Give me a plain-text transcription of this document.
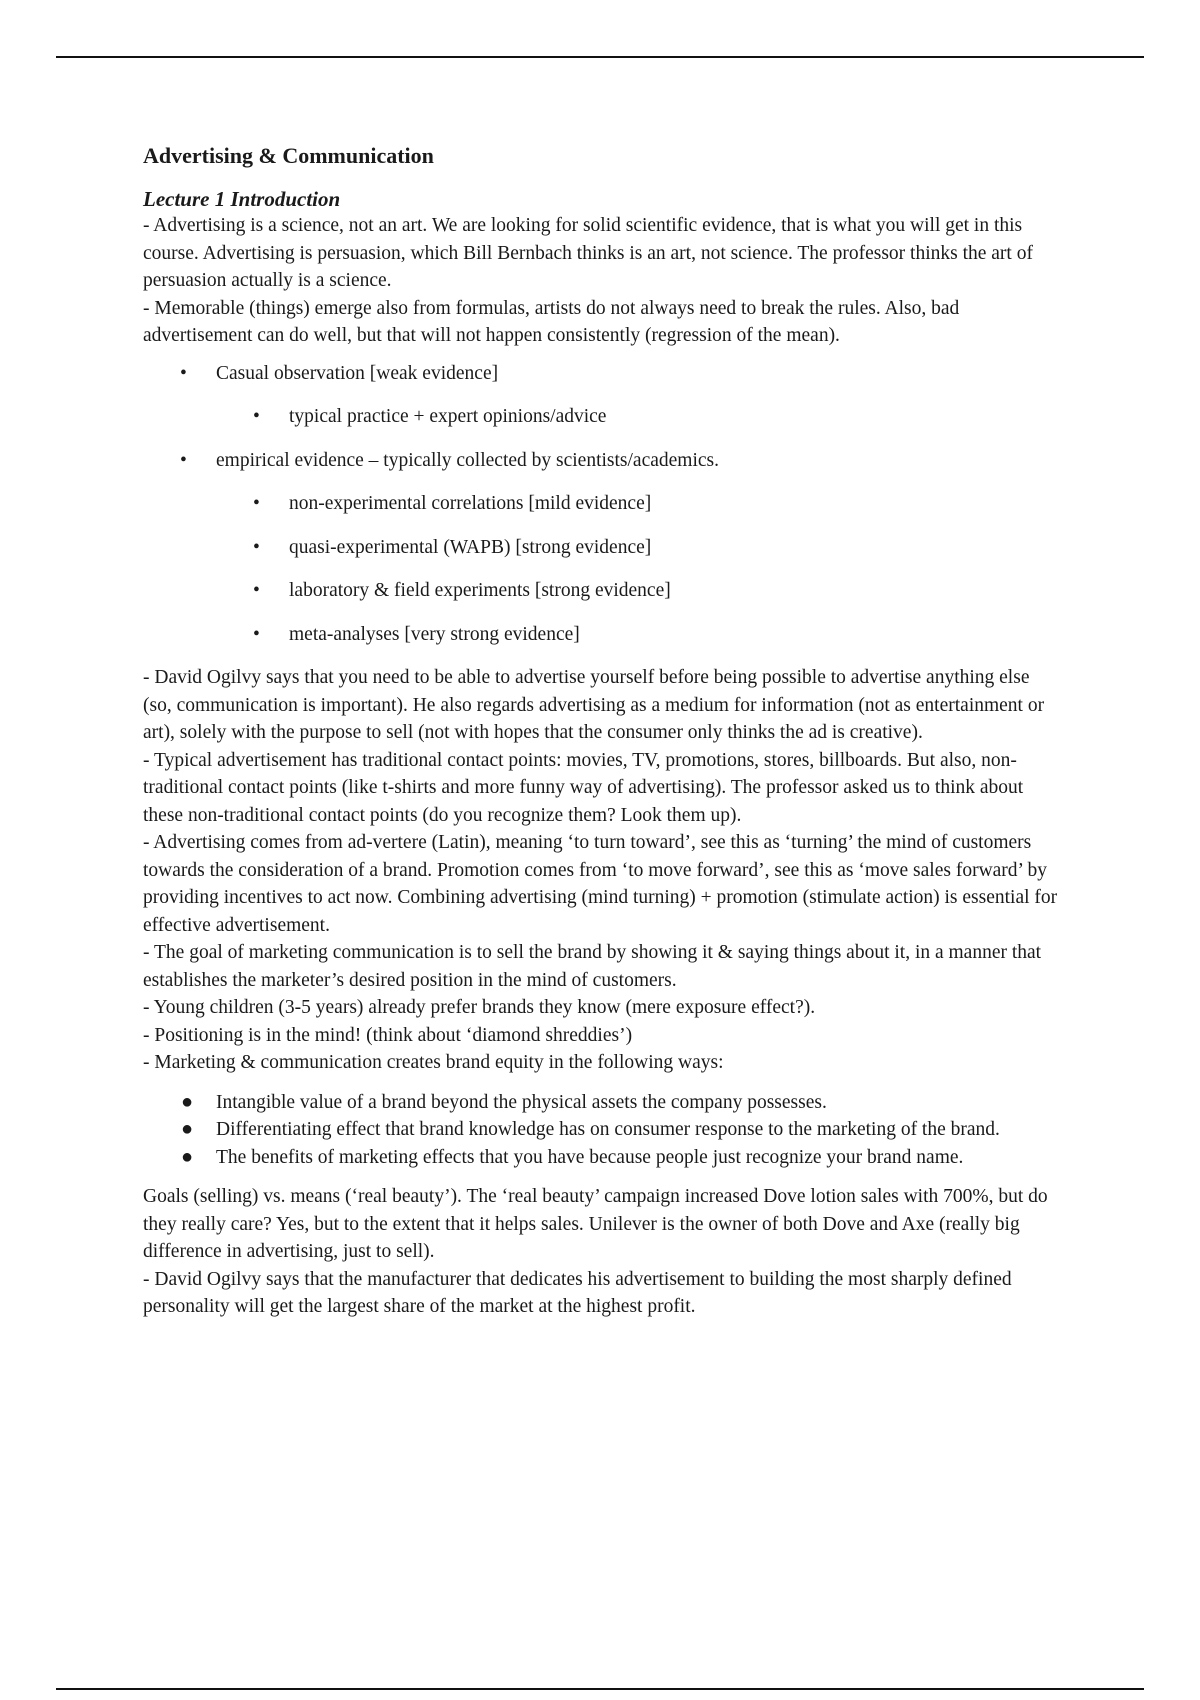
Advertising & Communication
Lecture 1 Introduction

- Advertising is a science, not an art. We are looking for solid scientific evidence, that is what you will get in this course. Advertising is persuasion, which Bill Bernbach thinks is an art, not science. The professor thinks the art of persuasion actually is a science.

- Memorable (things) emerge also from formulas, artists do not always need to break the rules. Also, bad advertisement can do well, but that will not happen consistently (regression of the mean).

• Casual observation [weak evidence]
• typical practice + expert opinions/advice
• empirical evidence – typically collected by scientists/academics.
• non-experimental correlations [mild evidence]
• quasi-experimental (WAPB) [strong evidence]
• laboratory & field experiments [strong evidence]
• meta-analyses [very strong evidence]

- David Ogilvy says that you need to be able to advertise yourself before being possible to advertise anything else (so, communication is important). He also regards advertising as a medium for information (not as entertainment or art), solely with the purpose to sell (not with hopes that the consumer only thinks the ad is creative).

- Typical advertisement has traditional contact points: movies, TV, promotions, stores, billboards. But also, non-traditional contact points (like t-shirts and more funny way of advertising). The professor asked us to think about these non-traditional contact points (do you recognize them? Look them up).

- Advertising comes from ad-vertere (Latin), meaning ‘to turn toward’, see this as ‘turning’ the mind of customers towards the consideration of a brand. Promotion comes from ‘to move forward’, see this as ‘move sales forward’ by providing incentives to act now. Combining advertising (mind turning) + promotion (stimulate action) is essential for effective advertisement.

- The goal of marketing communication is to sell the brand by showing it & saying things about it, in a manner that establishes the marketer’s desired position in the mind of customers.

- Young children (3-5 years) already prefer brands they know (mere exposure effect?).

- Positioning is in the mind! (think about ‘diamond shreddies’)

- Marketing & communication creates brand equity in the following ways:

● Intangible value of a brand beyond the physical assets the company possesses.
● Differentiating effect that brand knowledge has on consumer response to the marketing of the brand.
● The benefits of marketing effects that you have because people just recognize your brand name.

Goals (selling) vs. means (‘real beauty’). The ‘real beauty’ campaign increased Dove lotion sales with 700%, but do they really care? Yes, but to the extent that it helps sales. Unilever is the owner of both Dove and Axe (really big difference in advertising, just to sell).

- David Ogilvy says that the manufacturer that dedicates his advertisement to building the most sharply defined personality will get the largest share of the market at the highest profit.
